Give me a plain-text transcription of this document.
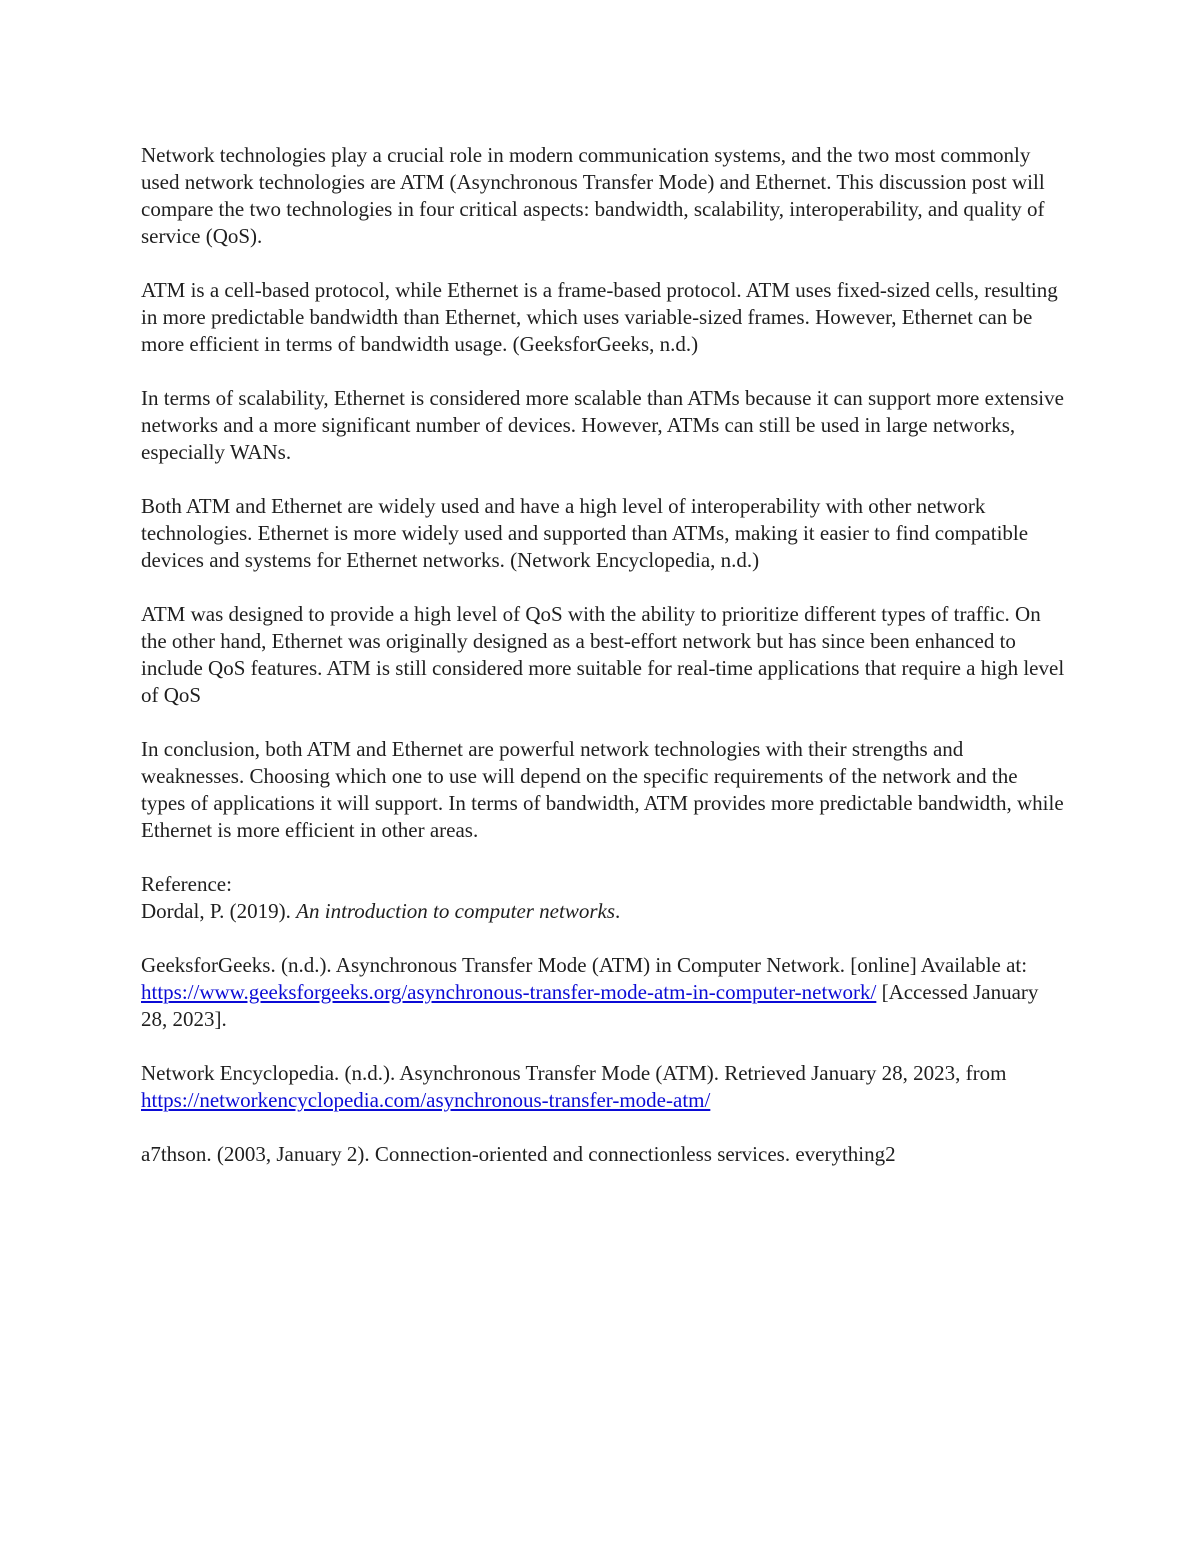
Network technologies play a crucial role in modern communication systems, and the two most commonly used network technologies are ATM (Asynchronous Transfer Mode) and Ethernet. This discussion post will compare the two technologies in four critical aspects: bandwidth, scalability, interoperability, and quality of service (QoS).

ATM is a cell-based protocol, while Ethernet is a frame-based protocol. ATM uses fixed-sized cells, resulting in more predictable bandwidth than Ethernet, which uses variable-sized frames. However, Ethernet can be more efficient in terms of bandwidth usage. (GeeksforGeeks, n.d.)

In terms of scalability, Ethernet is considered more scalable than ATMs because it can support more extensive networks and a more significant number of devices. However, ATMs can still be used in large networks, especially WANs.

Both ATM and Ethernet are widely used and have a high level of interoperability with other network technologies. Ethernet is more widely used and supported than ATMs, making it easier to find compatible devices and systems for Ethernet networks. (Network Encyclopedia, n.d.)

ATM was designed to provide a high level of QoS with the ability to prioritize different types of traffic. On the other hand, Ethernet was originally designed as a best-effort network but has since been enhanced to include QoS features. ATM is still considered more suitable for real-time applications that require a high level of QoS

In conclusion, both ATM and Ethernet are powerful network technologies with their strengths and weaknesses. Choosing which one to use will depend on the specific requirements of the network and the types of applications it will support. In terms of bandwidth, ATM provides more predictable bandwidth, while Ethernet is more efficient in other areas.

Reference:

Dordal, P. (2019). An introduction to computer networks.

GeeksforGeeks. (n.d.). Asynchronous Transfer Mode (ATM) in Computer Network. [online] Available at: https://www.geeksforgeeks.org/asynchronous-transfer-mode-atm-in-computer-network/ [Accessed January 28, 2023].

Network Encyclopedia. (n.d.). Asynchronous Transfer Mode (ATM). Retrieved January 28, 2023, from https://networkencyclopedia.com/asynchronous-transfer-mode-atm/

a7thson. (2003, January 2). Connection-oriented and connectionless services. everything2
